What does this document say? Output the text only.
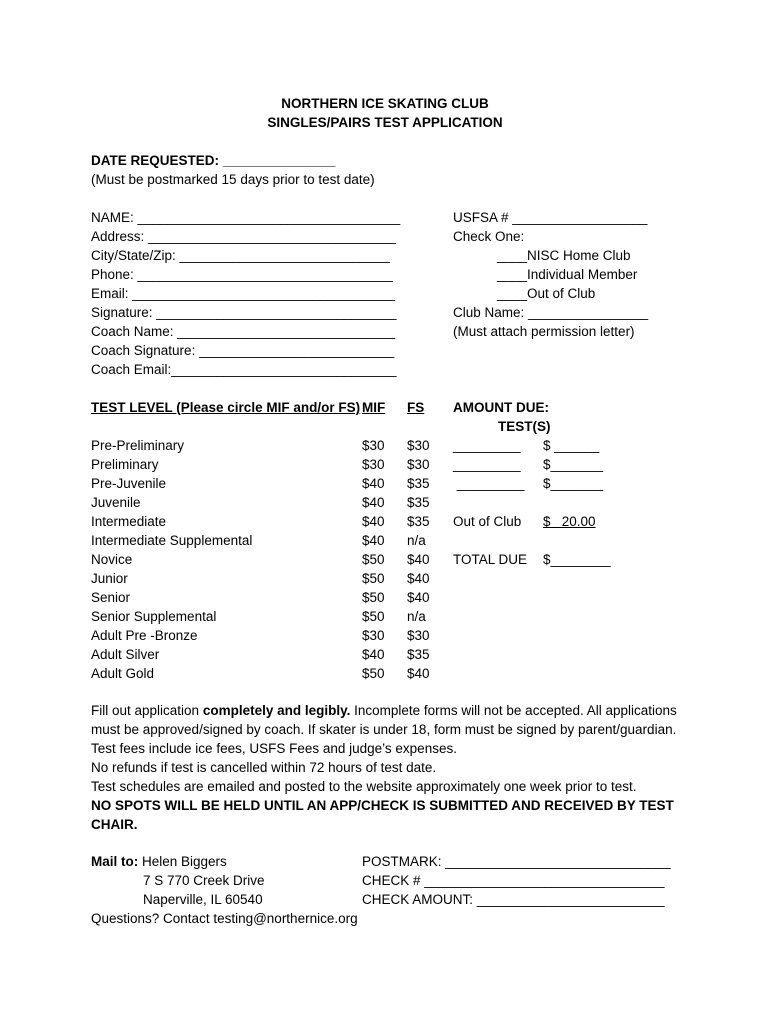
NORTHERN ICE SKATING CLUB
SINGLES/PAIRS TEST APPLICATION
DATE REQUESTED: _______________
(Must be postmarked 15 days prior to test date)
NAME: ___________________________________
Address: _________________________________
City/State/Zip: ____________________________
Phone: __________________________________
Email: ___________________________________
Signature: ________________________________
Coach Name: _____________________________
Coach Signature: __________________________
Coach Email:______________________________
USFSA # __________________
Check One:
____NISC Home Club
____Individual Member
____Out of Club
Club Name: ________________
(Must attach permission letter)
TEST LEVEL (Please circle MIF and/or FS) MIF FS
Pre-Preliminary	$30 $30
Preliminary	$30 $30
Pre-Juvenile	$40 $35
Juvenile	$40 $35
Intermediate	$40 $35
Intermediate Supplemental	$40 n/a
Novice	$50 $40
Junior	$50 $40
Senior	$50 $40
Senior Supplemental	$50 n/a
Adult Pre -Bronze	$30 $30
Adult Silver	$40 $35
Adult Gold	$50 $40
AMOUNT DUE:
TEST(S)
_________ $ ______
_________ $_______
_________ $_______
Out of Club $   20.00
TOTAL DUE $________
Fill out application completely and legibly. Incomplete forms will not be accepted. All applications must be approved/signed by coach. If skater is under 18, form must be signed by parent/guardian.
Test fees include ice fees, USFS Fees and judge’s expenses.
No refunds if test is cancelled within 72 hours of test date.
Test schedules are emailed and posted to the website approximately one week prior to test.
NO SPOTS WILL BE HELD UNTIL AN APP/CHECK IS SUBMITTED AND RECEIVED BY TEST CHAIR.
Mail to: Helen Biggers
7 S 770 Creek Drive
Naperville, IL 60540
Questions? Contact testing@northernice.org
POSTMARK: ______________________________
CHECK # ________________________________
CHECK AMOUNT: _________________________
